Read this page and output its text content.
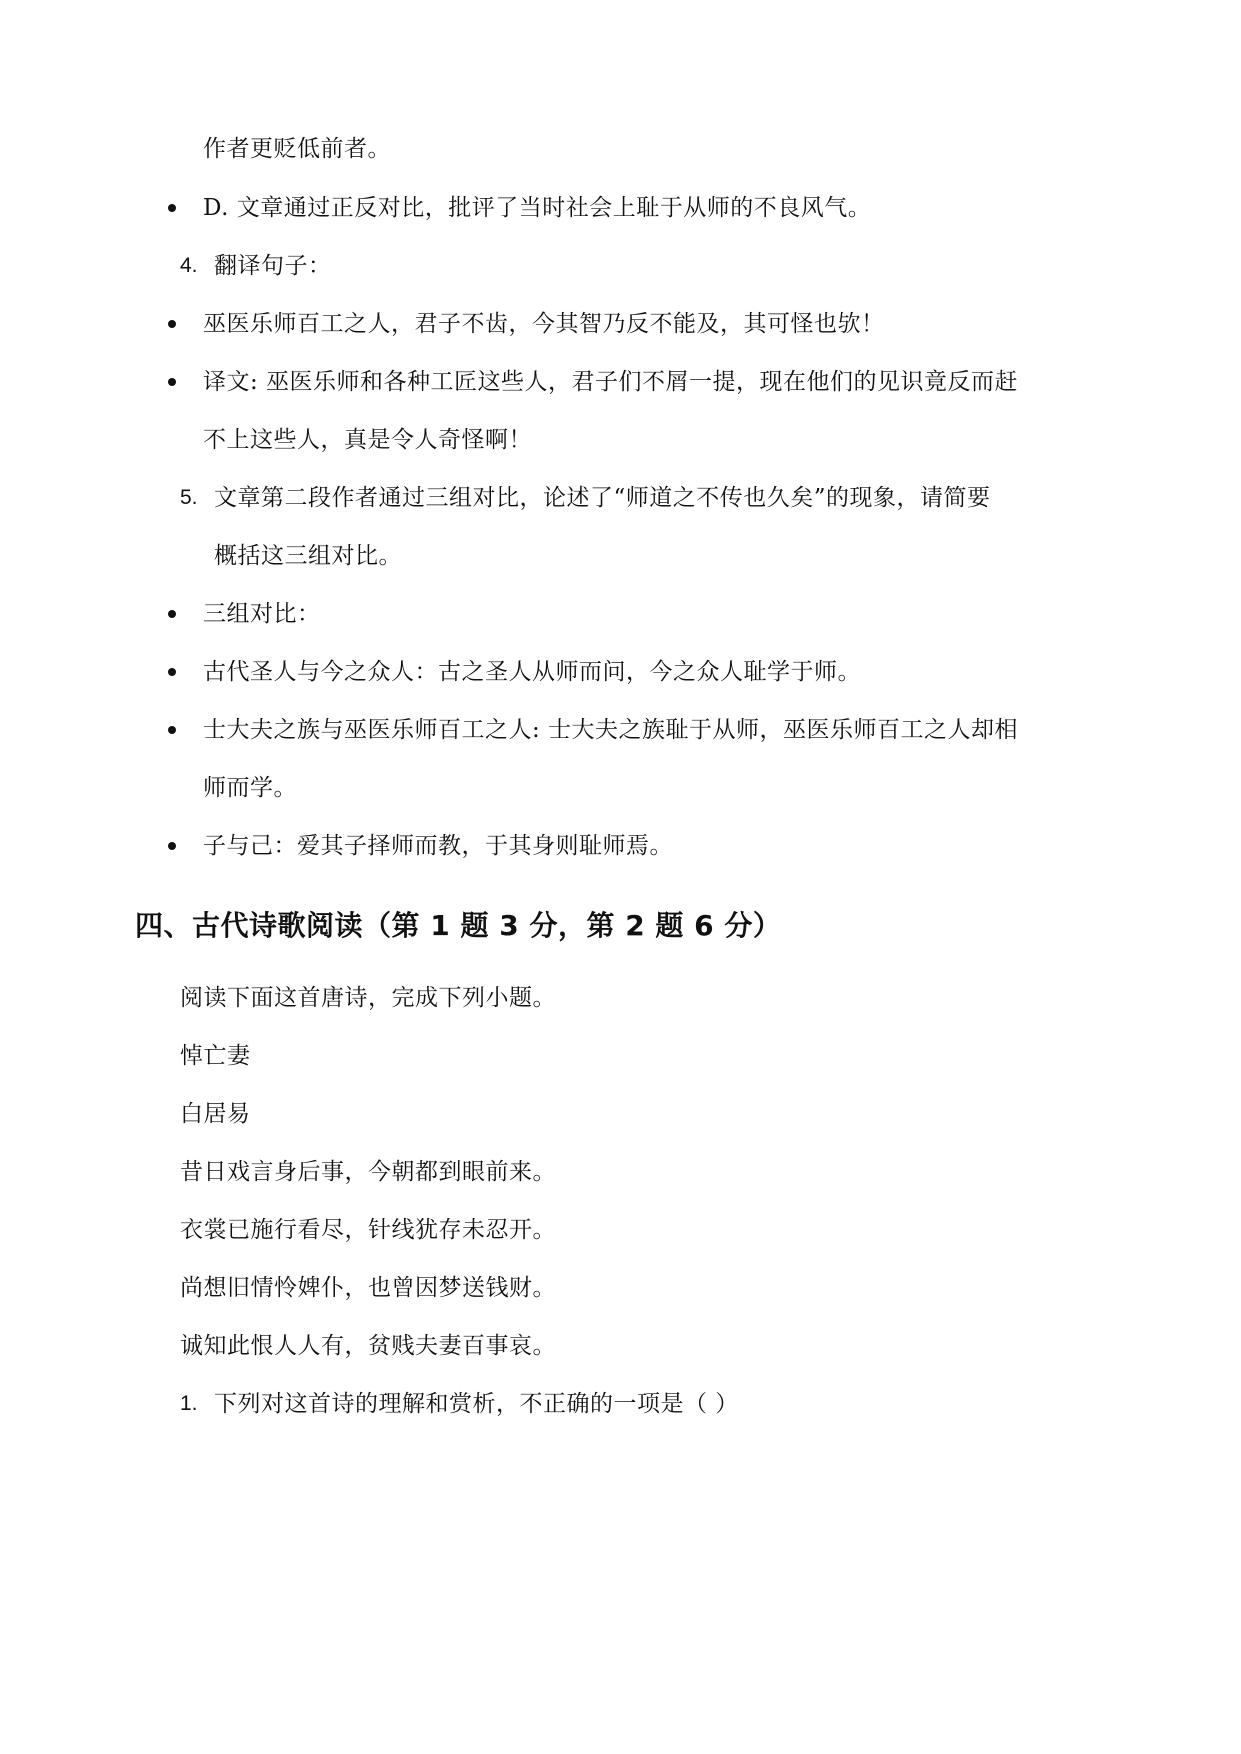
作者更贬低前者。
D. 文章通过正反对比，批评了当时社会上耻于从师的不良风气。
4. 翻译句子：
巫医乐师百工之人，君子不齿，今其智乃反不能及，其可怪也欤！
译文: 巫医乐师和各种工匠这些人，君子们不屑一提，现在他们的见识竟反而赶
不上这些人，真是令人奇怪啊！
5. 文章第二段作者通过三组对比，论述了“师道之不传也久矣”的现象，请简要
概括这三组对比。
三组对比：
古代圣人与今之众人：古之圣人从师而问，今之众人耻学于师。
士大夫之族与巫医乐师百工之人: 士大夫之族耻于从师，巫医乐师百工之人却相
师而学。
子与己：爱其子择师而教，于其身则耻师焉。
四、古代诗歌阅读（第 1 题 3 分，第 2 题 6 分）
阅读下面这首唐诗，完成下列小题。
悼亡妻
白居易
昔日戏言身后事，今朝都到眼前来。
衣裳已施行看尽，针线犹存未忍开。
尚想旧情怜婢仆，也曾因梦送钱财。
诚知此恨人人有，贫贱夫妻百事哀。
1. 下列对这首诗的理解和赏析，不正确的一项是（ ）
